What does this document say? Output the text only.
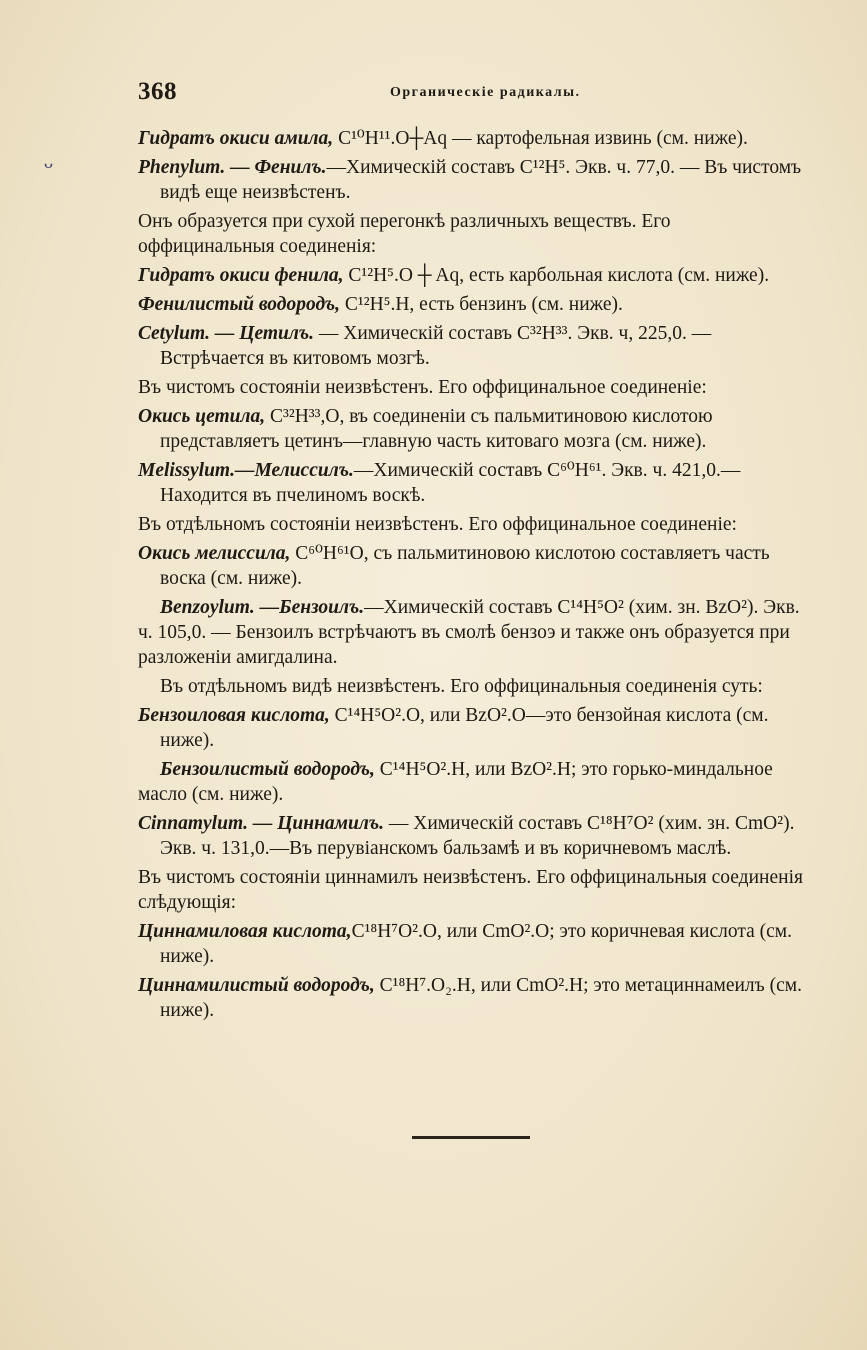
ᴗ
368	Органическіе радикалы.

Гидратъ окиси амила, C¹⁰H¹¹.O┼Aq — картофельная извинь (см. ниже).

Phenylum. — Фенилъ.—Химическій составъ C¹²H⁵. Экв. ч. 77,0. — Въ чистомъ видѣ еще неизвѣстенъ.

Онъ образуется при сухой перегонкѣ различныхъ веществъ. Его оффицинальныя соединенія:

Гидратъ окиси фенила, C¹²H⁵.O ┼ Aq, есть карбольная кислота (см. ниже).

Фенилистый водородъ, C¹²H⁵.H, есть бензинъ (см. ниже).

Cetylum. — Цетилъ. — Химическій составъ C³²H³³. Экв. ч, 225,0. — Встрѣчается въ китовомъ мозгѣ.

Въ чистомъ состояніи неизвѣстенъ. Его оффицинальное соединеніе:

Окись цетила, C³²H³³,O, въ соединеніи съ пальмитиновою кислотою представляетъ цетинъ—главную часть китоваго мозга (см. ниже).

Melissylum.—Мелиссилъ.—Химическій составъ C⁶⁰H⁶¹. Экв. ч. 421,0.— Находится въ пчелиномъ воскѣ.

Въ отдѣльномъ состояніи неизвѣстенъ. Его оффицинальное соединеніе:

Окись мелиссила, C⁶⁰H⁶¹O, съ пальмитиновою кислотою составляетъ часть воска (см. ниже).

Benzoylum. —Бензоилъ.—Химическій составъ C¹⁴H⁵O² (хим. зн. BzO²). Экв. ч. 105,0. — Бензоилъ встрѣчаютъ въ смолѣ бензоэ и также онъ образуется при разложеніи амигдалина.

Въ отдѣльномъ видѣ неизвѣстенъ. Его оффицинальныя соединенія суть:

Бензоиловая кислота, C¹⁴H⁵O².O, или BzO².O—это бензойная кислота (см. ниже).

Бензоилистый водородъ, C¹⁴H⁵O².H, или BzO².H; это горько-миндальное масло (см. ниже).

Cinnamylum. — Циннамилъ. — Химическій составъ C¹⁸H⁷O² (хим. зн. CmO²). Экв. ч. 131,0.—Въ перувіанскомъ бальзамѣ и въ коричневомъ маслѣ.

Въ чистомъ состояніи циннамилъ неизвѣстенъ. Его оффицинальныя соединенія слѣдующія:

Циннамиловая кислота,C¹⁸H⁷O².O, или CmO².O; это коричневая кислота (см. ниже).

Циннамилистый водородъ, C¹⁸H⁷.O₂.H, или CmO².H; это метациннамеилъ (см. ниже).
